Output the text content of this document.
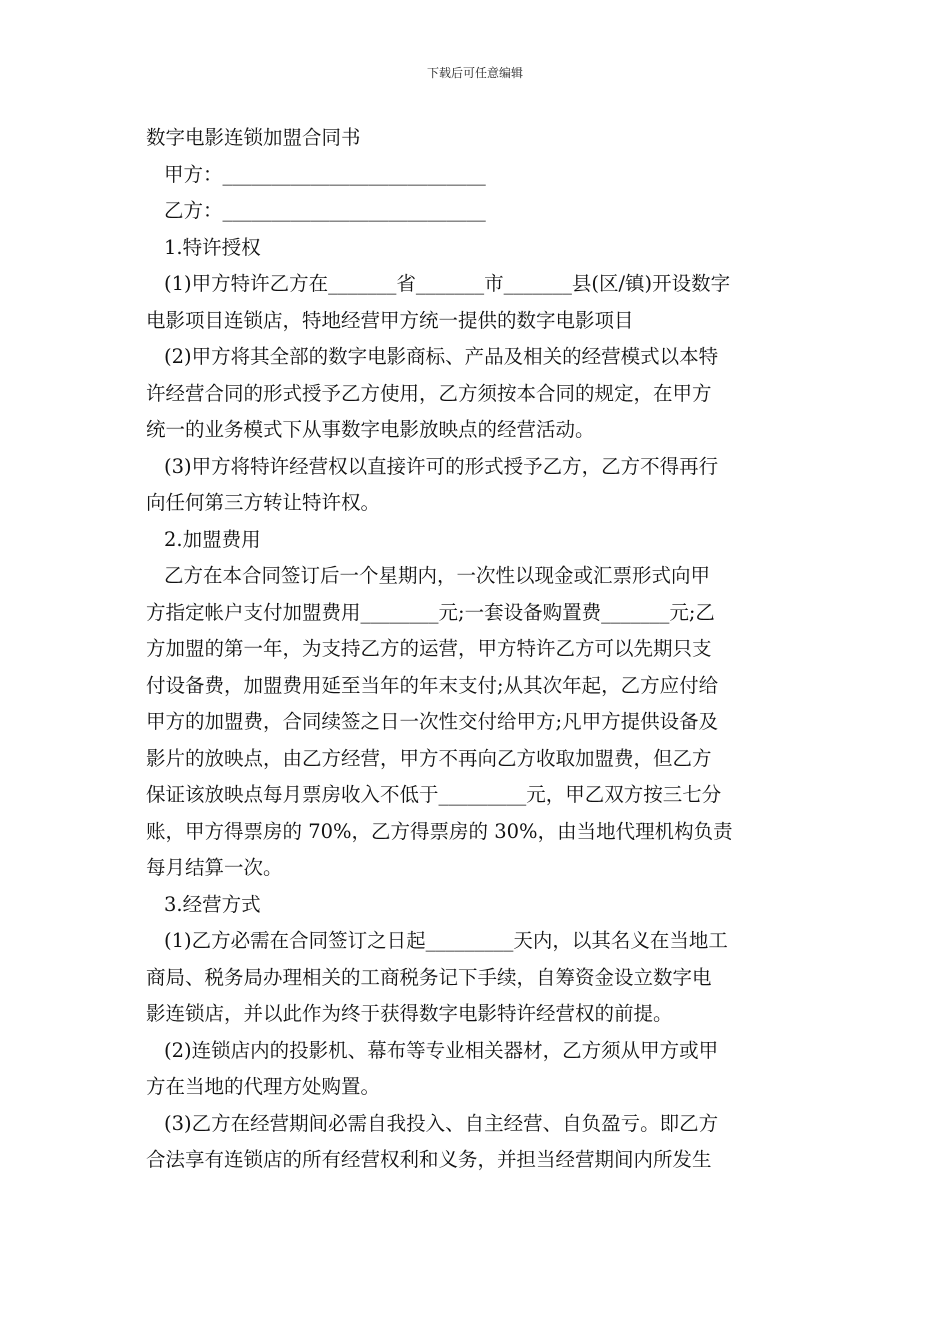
下载后可任意编辑

数字电影连锁加盟合同书

甲方：___________________________

乙方：___________________________

1.特许授权

(1)甲方特许乙方在_______省_______市_______县(区/镇)开设数字

电影项目连锁店，特地经营甲方统一提供的数字电影项目

(2)甲方将其全部的数字电影商标、产品及相关的经营模式以本特

许经营合同的形式授予乙方使用，乙方须按本合同的规定，在甲方

统一的业务模式下从事数字电影放映点的经营活动。

(3)甲方将特许经营权以直接许可的形式授予乙方，乙方不得再行

向任何第三方转让特许权。

2.加盟费用

乙方在本合同签订后一个星期内，一次性以现金或汇票形式向甲

方指定帐户支付加盟费用________元;一套设备购置费_______元;乙

方加盟的第一年，为支持乙方的运营，甲方特许乙方可以先期只支

付设备费，加盟费用延至当年的年末支付;从其次年起，乙方应付给

甲方的加盟费，合同续签之日一次性交付给甲方;凡甲方提供设备及

影片的放映点，由乙方经营，甲方不再向乙方收取加盟费，但乙方

保证该放映点每月票房收入不低于_________元，甲乙双方按三七分

账，甲方得票房的 70%，乙方得票房的 30%，由当地代理机构负责

每月结算一次。

3.经营方式

(1)乙方必需在合同签订之日起_________天内，以其名义在当地工

商局、税务局办理相关的工商税务记下手续，自筹资金设立数字电

影连锁店，并以此作为终于获得数字电影特许经营权的前提。

(2)连锁店内的投影机、幕布等专业相关器材，乙方须从甲方或甲

方在当地的代理方处购置。

(3)乙方在经营期间必需自我投入、自主经营、自负盈亏。即乙方

合法享有连锁店的所有经营权利和义务，并担当经营期间内所发生
